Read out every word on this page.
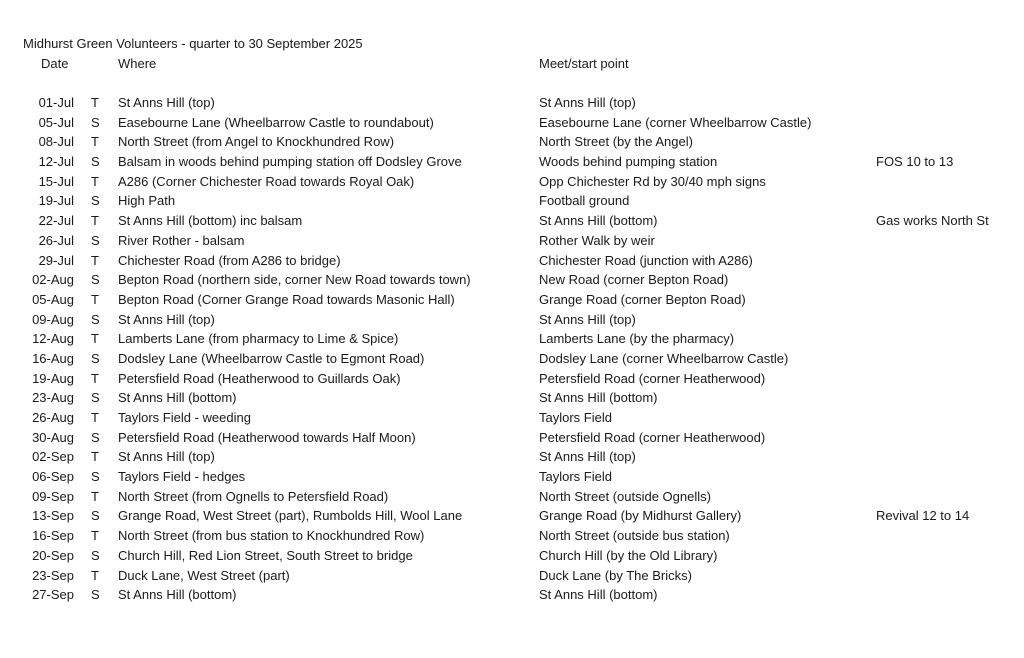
Midhurst Green Volunteers - quarter to 30 September 2025
Date	Where	Meet/start point
01-Jul T St Anns Hill (top)	St Anns Hill (top)
05-Jul S Easebourne Lane (Wheelbarrow Castle to roundabout)	Easebourne Lane (corner Wheelbarrow Castle)
08-Jul T North Street (from Angel to Knockhundred Row)	North Street (by the Angel)
12-Jul S Balsam in woods behind pumping station off Dodsley Grove	Woods behind pumping station	FOS 10 to 13
15-Jul T A286 (Corner Chichester Road towards Royal Oak)	Opp Chichester Rd by 30/40 mph signs
19-Jul S High Path	Football ground
22-Jul T St Anns Hill (bottom) inc balsam	St Anns Hill (bottom)	Gas works North St
26-Jul S River Rother - balsam	Rother Walk by weir
29-Jul T Chichester Road (from A286 to bridge)	Chichester Road (junction with A286)
02-Aug S Bepton Road (northern side, corner New Road towards town)	New Road (corner Bepton Road)
05-Aug T Bepton Road (Corner Grange Road towards Masonic Hall)	Grange Road (corner Bepton Road)
09-Aug S St Anns Hill (top)	St Anns Hill (top)
12-Aug T Lamberts Lane (from pharmacy to Lime & Spice)	Lamberts Lane (by the pharmacy)
16-Aug S Dodsley Lane (Wheelbarrow Castle to Egmont Road)	Dodsley Lane (corner Wheelbarrow Castle)
19-Aug T Petersfield Road (Heatherwood to Guillards Oak)	Petersfield Road (corner Heatherwood)
23-Aug S St Anns Hill (bottom)	St Anns Hill (bottom)
26-Aug T Taylors Field - weeding	Taylors Field
30-Aug S Petersfield Road (Heatherwood towards Half Moon)	Petersfield Road (corner Heatherwood)
02-Sep T St Anns Hill (top)	St Anns Hill (top)
06-Sep S Taylors Field - hedges	Taylors Field
09-Sep T North Street (from Ognells to Petersfield Road)	North Street (outside Ognells)
13-Sep S Grange Road, West Street (part), Rumbolds Hill, Wool Lane	Grange Road (by Midhurst Gallery)	Revival 12 to 14
16-Sep T North Street (from bus station to Knockhundred Row)	North Street (outside bus station)
20-Sep S Church Hill, Red Lion Street, South Street to bridge	Church Hill (by the Old Library)
23-Sep T Duck Lane, West Street (part)	Duck Lane (by The Bricks)
27-Sep S St Anns Hill (bottom)	St Anns Hill (bottom)
